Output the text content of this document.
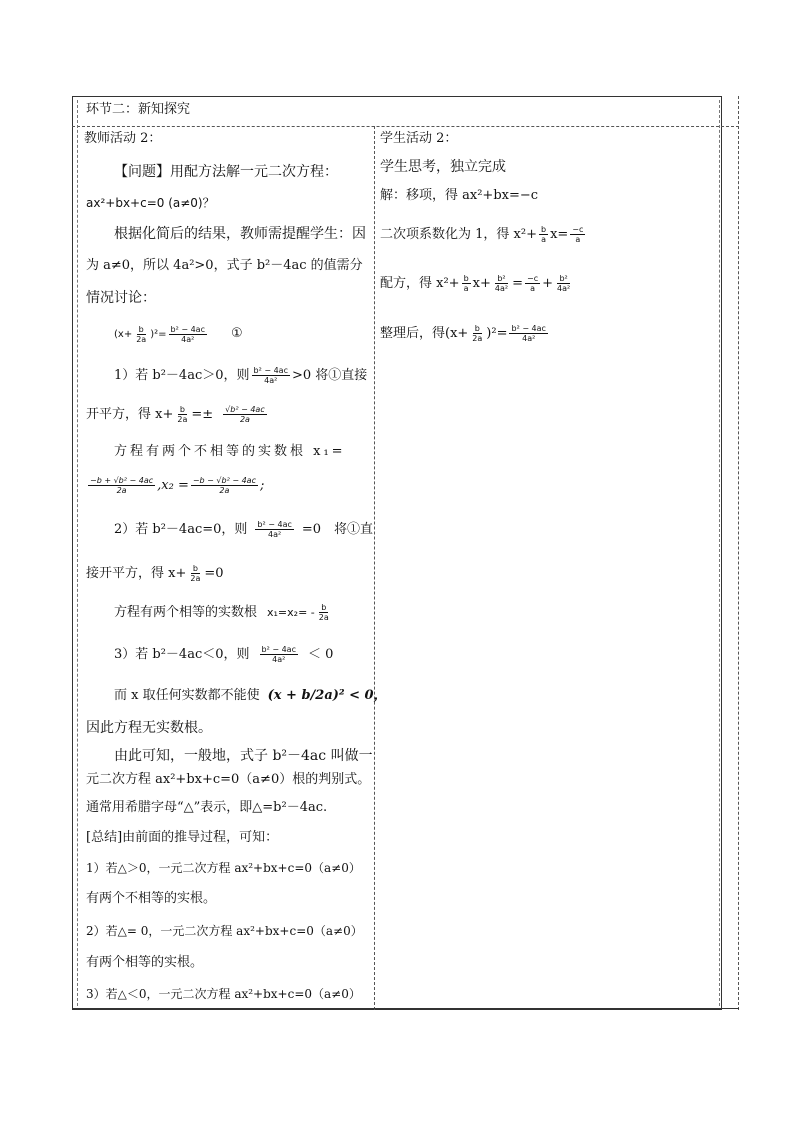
环节二：新知探究
教师活动 2：
【问题】用配方法解一元二次方程：
ax²+bx+c=0 (a≠0)？
根据化简后的结果，教师需提醒学生：因
为 a≠0，所以 4a²>0，式子 b²－4ac 的值需分
情况讨论：
$(x+ \frac{b}{2a} )^2= \frac{\text{b² − 4ac}}{\text{4a²}}$ ①
1）若 b²－4ac＞0，则 $\frac{\text{b² − 4ac}}{\text{4a²}} >0$ 将①直接
开平方，得 $x+ \frac{b}{2a} =\pm \frac{\text{√b² − 4ac}}{2a}$
方程有两个不相等的实数根 x₁=
$\frac{\text{−b + √b² − 4ac}}{2a} ,x_2 = \frac{\text{−b − √b² − 4ac}}{2a}$ ;
2）若 b²－4ac=0，则 $\frac{\text{b² − 4ac}}{\text{4a²}} =0$　将①直
接开平方，得 $x+ \frac{b}{2a} =0$
方程有两个相等的实数根 $x_1=x_2= - \frac{b}{2a}$
3）若 b²－4ac＜0，则 $\frac{\text{b² − 4ac}}{\text{4a²}} < 0$
而 x 取任何实数都不能使 (x + b/2a)² < 0，
因此方程无实数根。
由此可知，一般地，式子 b²－4ac 叫做一
元二次方程 ax²+bx+c=0（a≠0）根的判别式。
通常用希腊字母“△”表示，即△=b²－4ac.
[总结]由前面的推导过程，可知：
1）若△＞0，一元二次方程 ax²+bx+c=0（a≠0）
有两个不相等的实根。
2）若△= 0，一元二次方程 ax²+bx+c=0（a≠0）
有两个相等的实根。
3）若△＜0，一元二次方程 ax²+bx+c=0（a≠0）
学生活动 2：
学生思考，独立完成
解：移项，得 ax²+bx=−c
二次项系数化为 1，得 $x^2+ \frac{b}{a} x= \frac{-c}{a}$
配方，得 $x^2+ \frac{b}{a} x+ \frac{\text{b²}}{\text{4a²}} = \frac{-c}{a} + \frac{\text{b²}}{\text{4a²}}$
整理后，得$(x+ \frac{b}{2a} )^2= \frac{\text{b² − 4ac}}{\text{4a²}}$
